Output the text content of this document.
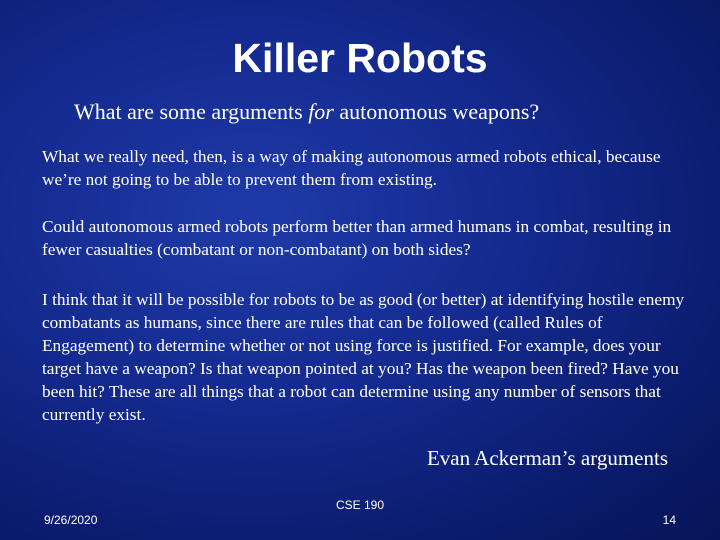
Killer Robots
What are some arguments for autonomous weapons?
What we really need, then, is a way of making autonomous armed robots ethical, because we’re not going to be able to prevent them from existing.
Could autonomous armed robots perform better than armed humans in combat, resulting in fewer casualties (combatant or non-combatant) on both sides?
I think that it will be possible for robots to be as good (or better) at identifying hostile enemy combatants as humans, since there are rules that can be followed (called Rules of Engagement) to determine whether or not using force is justified. For example, does your target have a weapon? Is that weapon pointed at you? Has the weapon been fired? Have you been hit? These are all things that a robot can determine using any number of sensors that currently exist.
Evan Ackerman’s arguments
CSE 190
9/26/2020	14
